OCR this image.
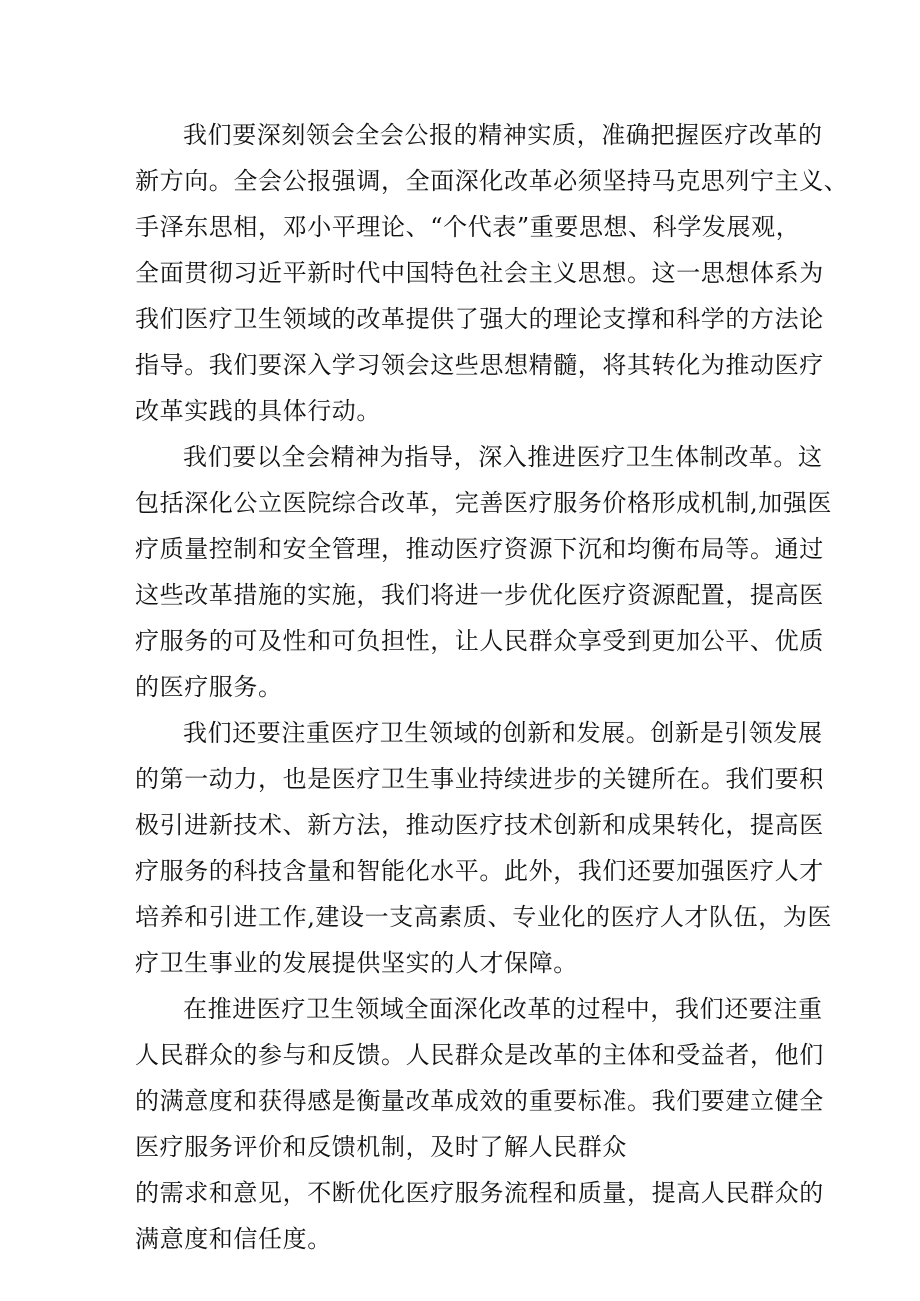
我们要深刻领会全会公报的精神实质，准确把握医疗改革的
新方向。全会公报强调，全面深化改革必须坚持马克思列宁主义、
手泽东思相，邓小平理论、“个代表”重要思想、科学发展观，
全面贯彻习近平新时代中国特色社会主义思想。这一思想体系为
我们医疗卫生领域的改革提供了强大的理论支撑和科学的方法论
指导。我们要深入学习领会这些思想精髓，将其转化为推动医疗
改革实践的具体行动。
我们要以全会精神为指导，深入推进医疗卫生体制改革。这
包括深化公立医院综合改革，完善医疗服务价格形成机制,加强医
疗质量控制和安全管理，推动医疗资源下沉和均衡布局等。通过
这些改革措施的实施，我们将进一步优化医疗资源配置，提高医
疗服务的可及性和可负担性，让人民群众享受到更加公平、优质
的医疗服务。
我们还要注重医疗卫生领域的创新和发展。创新是引领发展
的第一动力，也是医疗卫生事业持续进步的关键所在。我们要积
极引进新技术、新方法，推动医疗技术创新和成果转化，提高医
疗服务的科技含量和智能化水平。此外，我们还要加强医疗人才
培养和引进工作,建设一支高素质、专业化的医疗人才队伍，为医
疗卫生事业的发展提供坚实的人才保障。
在推进医疗卫生领域全面深化改革的过程中，我们还要注重
人民群众的参与和反馈。人民群众是改革的主体和受益者，他们
的满意度和获得感是衡量改革成效的重要标准。我们要建立健全
医疗服务评价和反馈机制，及时了解人民群众
的需求和意见，不断优化医疗服务流程和质量，提高人民群众的
满意度和信任度。
